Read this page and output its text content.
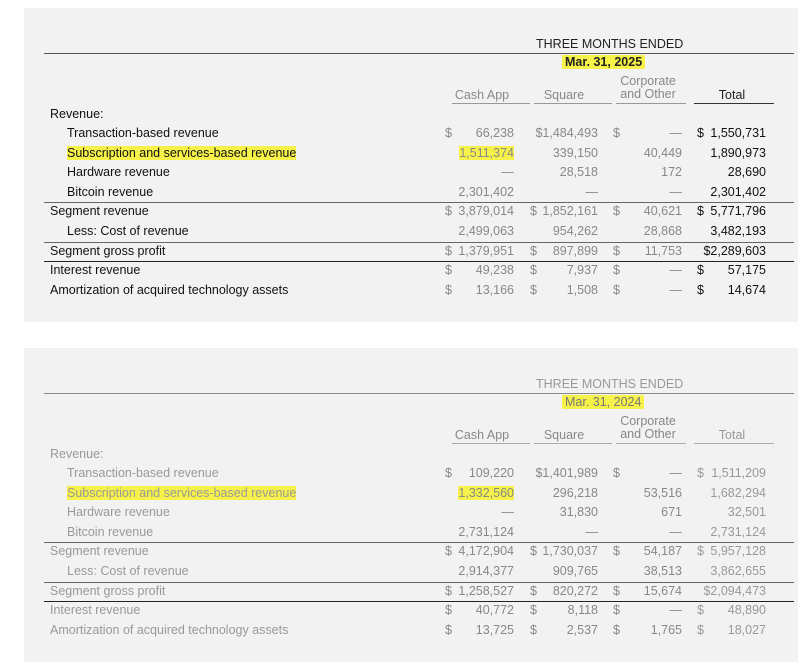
THREE MONTHS ENDED
Mar. 31, 2025
Cash App	Square
Corporate
and Other	Total
Revenue:
Transaction-based revenue	$	66,238	$1,484,493 $	— $ 1,550,731
Subscription and services-based revenue	1,511,374	339,150	40,449	1,890,973
Hardware revenue	—	28,518	172	28,690
Bitcoin revenue	2,301,402	—	—	2,301,402
Segment revenue	$ 3,879,014 $ 1,852,161 $	40,621 $ 5,771,796
Less: Cost of revenue	2,499,063	954,262	28,868	3,482,193
Segment gross profit	$ 1,379,951 $	897,899 $	11,753	$2,289,603
Interest revenue	$	49,238 $	7,937 $	— $	57,175
Amortization of acquired technology assets	$	13,166 $	1,508 $	— $	14,674
THREE MONTHS ENDED
Mar. 31, 2024
Cash App	Square
Corporate
and Other	Total
Revenue:
Transaction-based revenue	$	109,220	$1,401,989 $	— $ 1,511,209
Subscription and services-based revenue	1,332,560	296,218	53,516	1,682,294
Hardware revenue	—	31,830	671	32,501
Bitcoin revenue	2,731,124	—	—	2,731,124
Segment revenue	$ 4,172,904 $ 1,730,037 $	54,187 $ 5,957,128
Less: Cost of revenue	2,914,377	909,765	38,513	3,862,655
Segment gross profit	$ 1,258,527 $	820,272 $	15,674	$2,094,473
Interest revenue	$	40,772 $	8,118 $	— $	48,890
Amortization of acquired technology assets	$	13,725 $	2,537 $	1,765 $	18,027
